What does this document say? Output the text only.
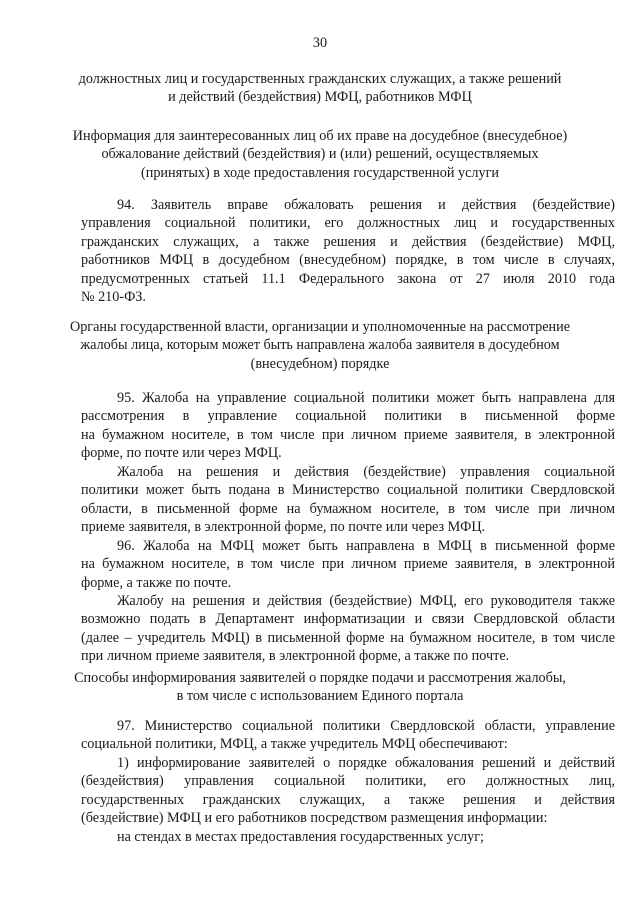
30
должностных лиц и государственных гражданских служащих, а также решений
и действий (бездействия) МФЦ, работников МФЦ
Информация для заинтересованных лиц об их праве на досудебное (внесудебное)
обжалование действий (бездействия) и (или) решений, осуществляемых
(принятых) в ходе предоставления государственной услуги
94. Заявитель вправе обжаловать решения и действия (бездействие)
управления социальной политики, его должностных лиц и государственных
гражданских служащих, а также решения и действия (бездействие) МФЦ,
работников МФЦ в досудебном (внесудебном) порядке, в том числе в случаях,
предусмотренных статьей 11.1 Федерального закона от 27 июля 2010 года
№ 210-ФЗ.
Органы государственной власти, организации и уполномоченные на рассмотрение
жалобы лица, которым может быть направлена жалоба заявителя в досудебном
(внесудебном) порядке
95. Жалоба на управление социальной политики может быть направлена для
рассмотрения в управление социальной политики в письменной форме
на бумажном носителе, в том числе при личном приеме заявителя, в электронной
форме, по почте или через МФЦ.
Жалоба на решения и действия (бездействие) управления социальной
политики может быть подана в Министерство социальной политики Свердловской
области, в письменной форме на бумажном носителе, в том числе при личном
приеме заявителя, в электронной форме, по почте или через МФЦ.
96. Жалоба на МФЦ может быть направлена в МФЦ в письменной форме
на бумажном носителе, в том числе при личном приеме заявителя, в электронной
форме, а также по почте.
Жалобу на решения и действия (бездействие) МФЦ, его руководителя также
возможно подать в Департамент информатизации и связи Свердловской области
(далее – учредитель МФЦ) в письменной форме на бумажном носителе, в том числе
при личном приеме заявителя, в электронной форме, а также по почте.
Способы информирования заявителей о порядке подачи и рассмотрения жалобы,
в том числе с использованием Единого портала
97. Министерство социальной политики Свердловской области, управление
социальной политики, МФЦ, а также учредитель МФЦ обеспечивают:
1) информирование заявителей о порядке обжалования решений и действий
(бездействия) управления социальной политики, его должностных лиц,
государственных гражданских служащих, а также решения и действия
(бездействие) МФЦ и его работников посредством размещения информации:
на стендах в местах предоставления государственных услуг;
